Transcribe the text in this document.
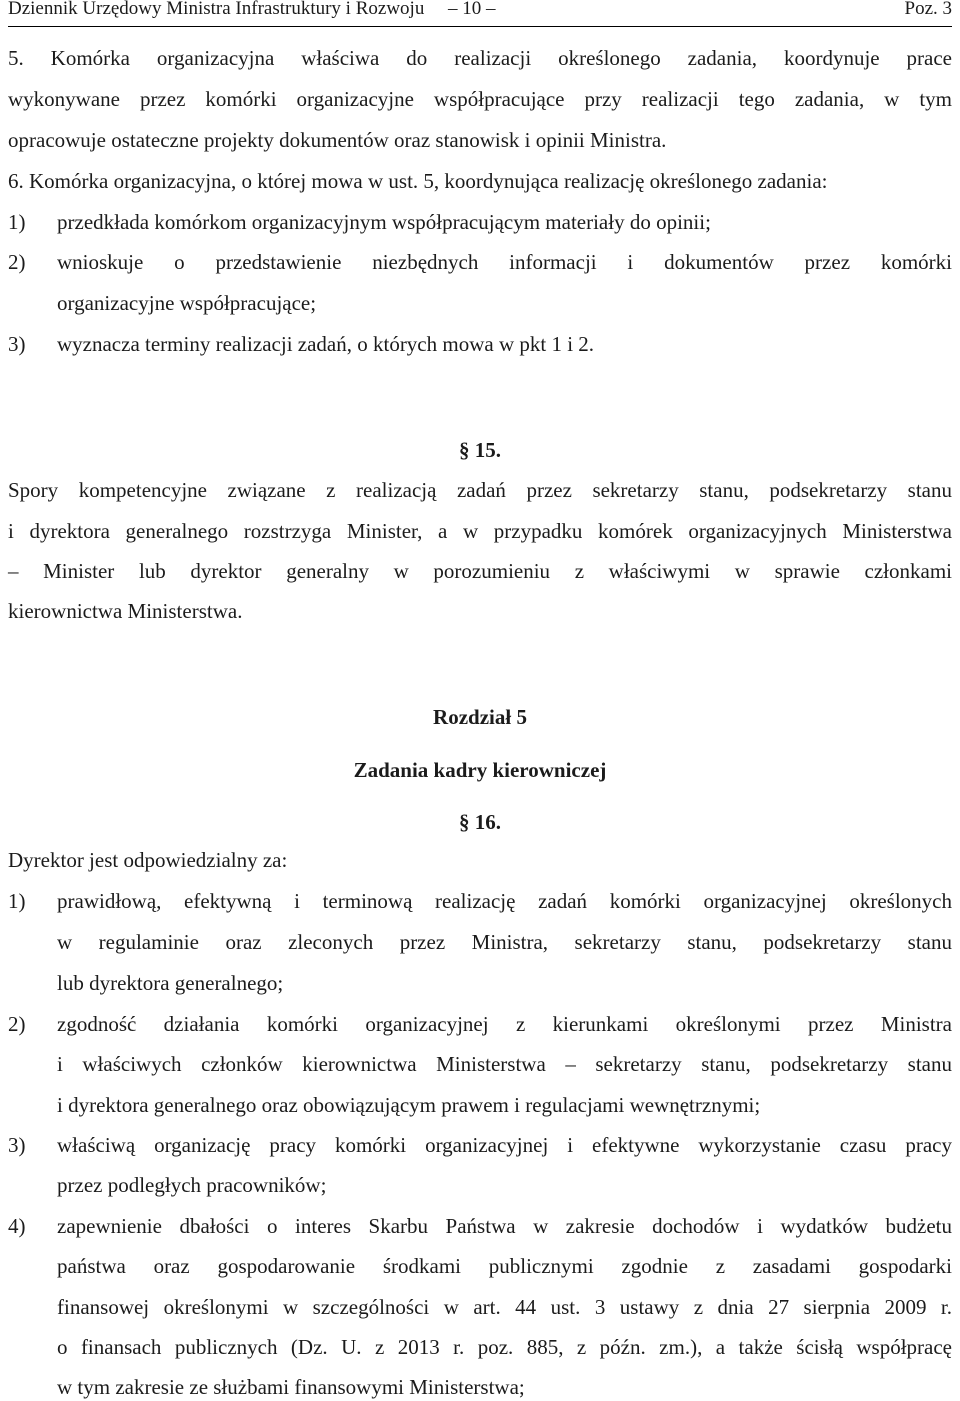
Dziennik Urzędowy Ministra Infrastruktury i Rozwoju – 10 –	Poz. 3
5. Komórka organizacyjna właściwa do realizacji określonego zadania, koordynuje prace
wykonywane przez komórki organizacyjne współpracujące przy realizacji tego zadania, w tym
opracowuje ostateczne projekty dokumentów oraz stanowisk i opinii Ministra.
6. Komórka organizacyjna, o której mowa w ust. 5, koordynująca realizację określonego zadania:
1)	przedkłada komórkom organizacyjnym współpracującym materiały do opinii;
2)	wnioskuje o przedstawienie niezbędnych informacji i dokumentów przez komórki
organizacyjne współpracujące;
3)	wyznacza terminy realizacji zadań, o których mowa w pkt 1 i 2.
§ 15.
Spory kompetencyjne związane z realizacją zadań przez sekretarzy stanu, podsekretarzy stanu
i dyrektora generalnego rozstrzyga Minister, a w przypadku komórek organizacyjnych Ministerstwa
– Minister lub dyrektor generalny w porozumieniu z właściwymi w sprawie członkami
kierownictwa Ministerstwa.
Rozdział 5
Zadania kadry kierowniczej
§ 16.
Dyrektor jest odpowiedzialny za:
1)	prawidłową, efektywną i terminową realizację zadań komórki organizacyjnej określonych
w regulaminie oraz zleconych przez Ministra, sekretarzy stanu, podsekretarzy stanu
lub dyrektora generalnego;
2)	zgodność działania komórki organizacyjnej z kierunkami określonymi przez Ministra
i właściwych członków kierownictwa Ministerstwa – sekretarzy stanu, podsekretarzy stanu
i dyrektora generalnego oraz obowiązującym prawem i regulacjami wewnętrznymi;
3)	właściwą organizację pracy komórki organizacyjnej i efektywne wykorzystanie czasu pracy
przez podległych pracowników;
4)	zapewnienie dbałości o interes Skarbu Państwa w zakresie dochodów i wydatków budżetu
państwa oraz gospodarowanie środkami publicznymi zgodnie z zasadami gospodarki
finansowej określonymi w szczególności w art. 44 ust. 3 ustawy z dnia 27 sierpnia 2009 r.
o finansach publicznych (Dz. U. z 2013 r. poz. 885, z późn. zm.), a także ścisłą współpracę
w tym zakresie ze służbami finansowymi Ministerstwa;
